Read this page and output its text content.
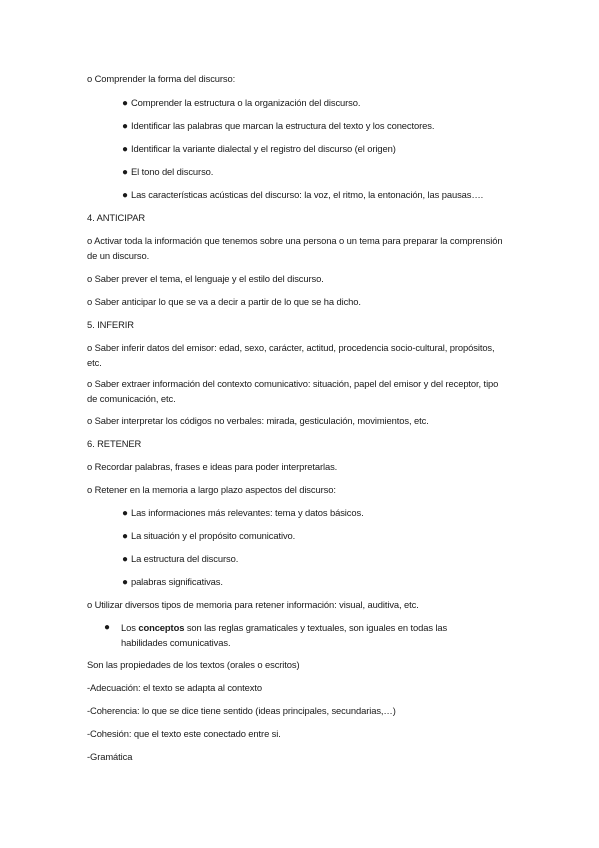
o Comprender la forma del discurso:
● Comprender la estructura o la organización del discurso.
● Identificar las palabras que marcan la estructura del texto y los conectores.
● Identificar la variante dialectal y el registro del discurso (el origen)
● El tono del discurso.
● Las características acústicas del discurso: la voz, el ritmo, la entonación, las pausas….
4. ANTICIPAR
o Activar toda la información que tenemos sobre una persona o un tema para preparar la comprensión de un discurso.
o Saber prever el tema, el lenguaje y el estilo del discurso.
o Saber anticipar lo que se va a decir a partir de lo que se ha dicho.
5. INFERIR
o Saber inferir datos del emisor: edad, sexo, carácter, actitud, procedencia socio-cultural, propósitos, etc.
o Saber extraer información del contexto comunicativo: situación, papel del emisor y del receptor, tipo de comunicación, etc.
o Saber interpretar los códigos no verbales: mirada, gesticulación, movimientos, etc.
6. RETENER
o Recordar palabras, frases e ideas para poder interpretarlas.
o Retener en la memoria a largo plazo aspectos del discurso:
● Las informaciones más relevantes: tema y datos básicos.
● La situación y el propósito comunicativo.
● La estructura del discurso.
● palabras significativas.
o Utilizar diversos tipos de memoria para retener información: visual, auditiva, etc.
●	Los conceptos son las reglas gramaticales y textuales, son iguales en todas las habilidades comunicativas.
Son las propiedades de los textos (orales o escritos)
-Adecuación: el texto se adapta al contexto
-Coherencia: lo que se dice tiene sentido (ideas principales, secundarias,…)
-Cohesión: que el texto este conectado entre si.
-Gramática
